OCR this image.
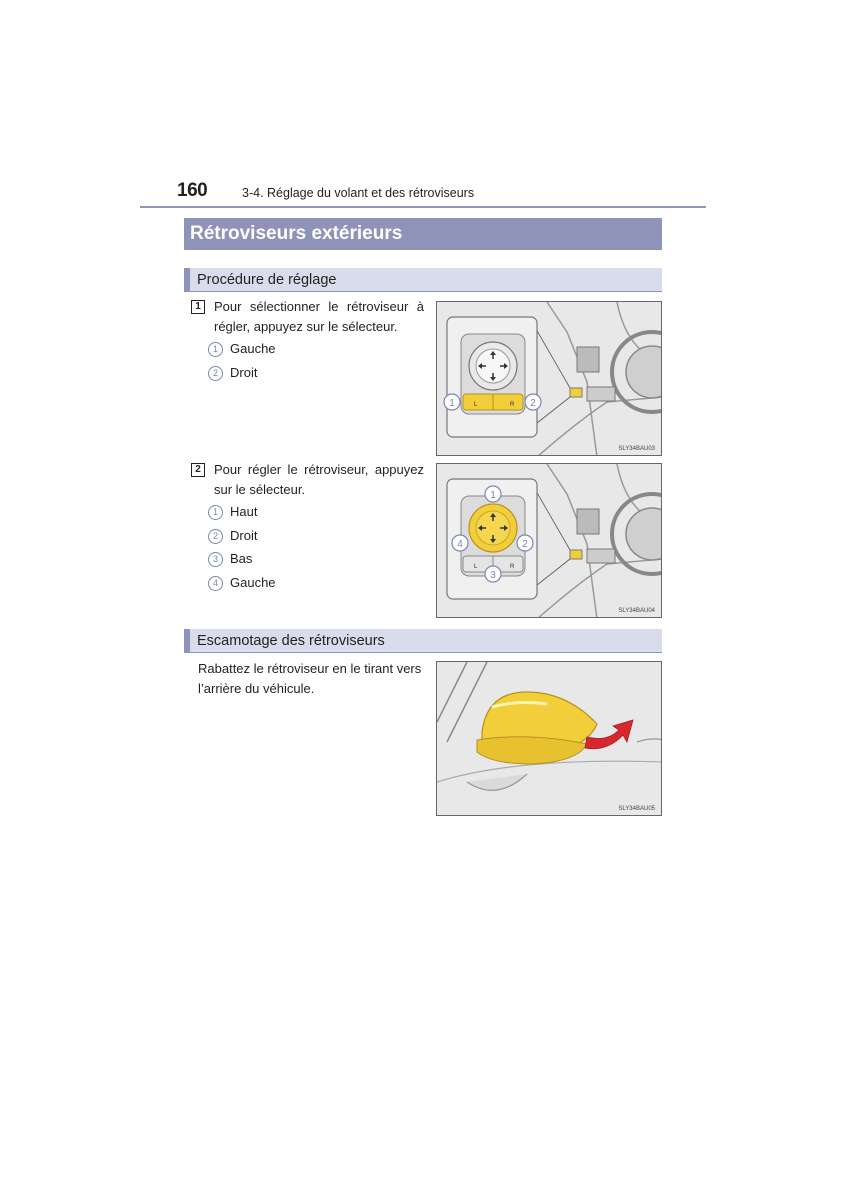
160	3-4. Réglage du volant et des rétroviseurs
Rétroviseurs extérieurs
Procédure de réglage
1	Pour sélectionner le rétroviseur à régler, appuyez sur le sélecteur.
1 Gauche
2 Droit
L	R
1	2
SLY34BAU03
2	Pour régler le rétroviseur, appuyez sur le sélecteur.
1 Haut
2 Droit
3 Bas
4 Gauche
L	R
1
2
3
4
SLY34BAU04
Escamotage des rétroviseurs
Rabattez le rétroviseur en le tirant vers l’arrière du véhicule.
SLY34BAU05
